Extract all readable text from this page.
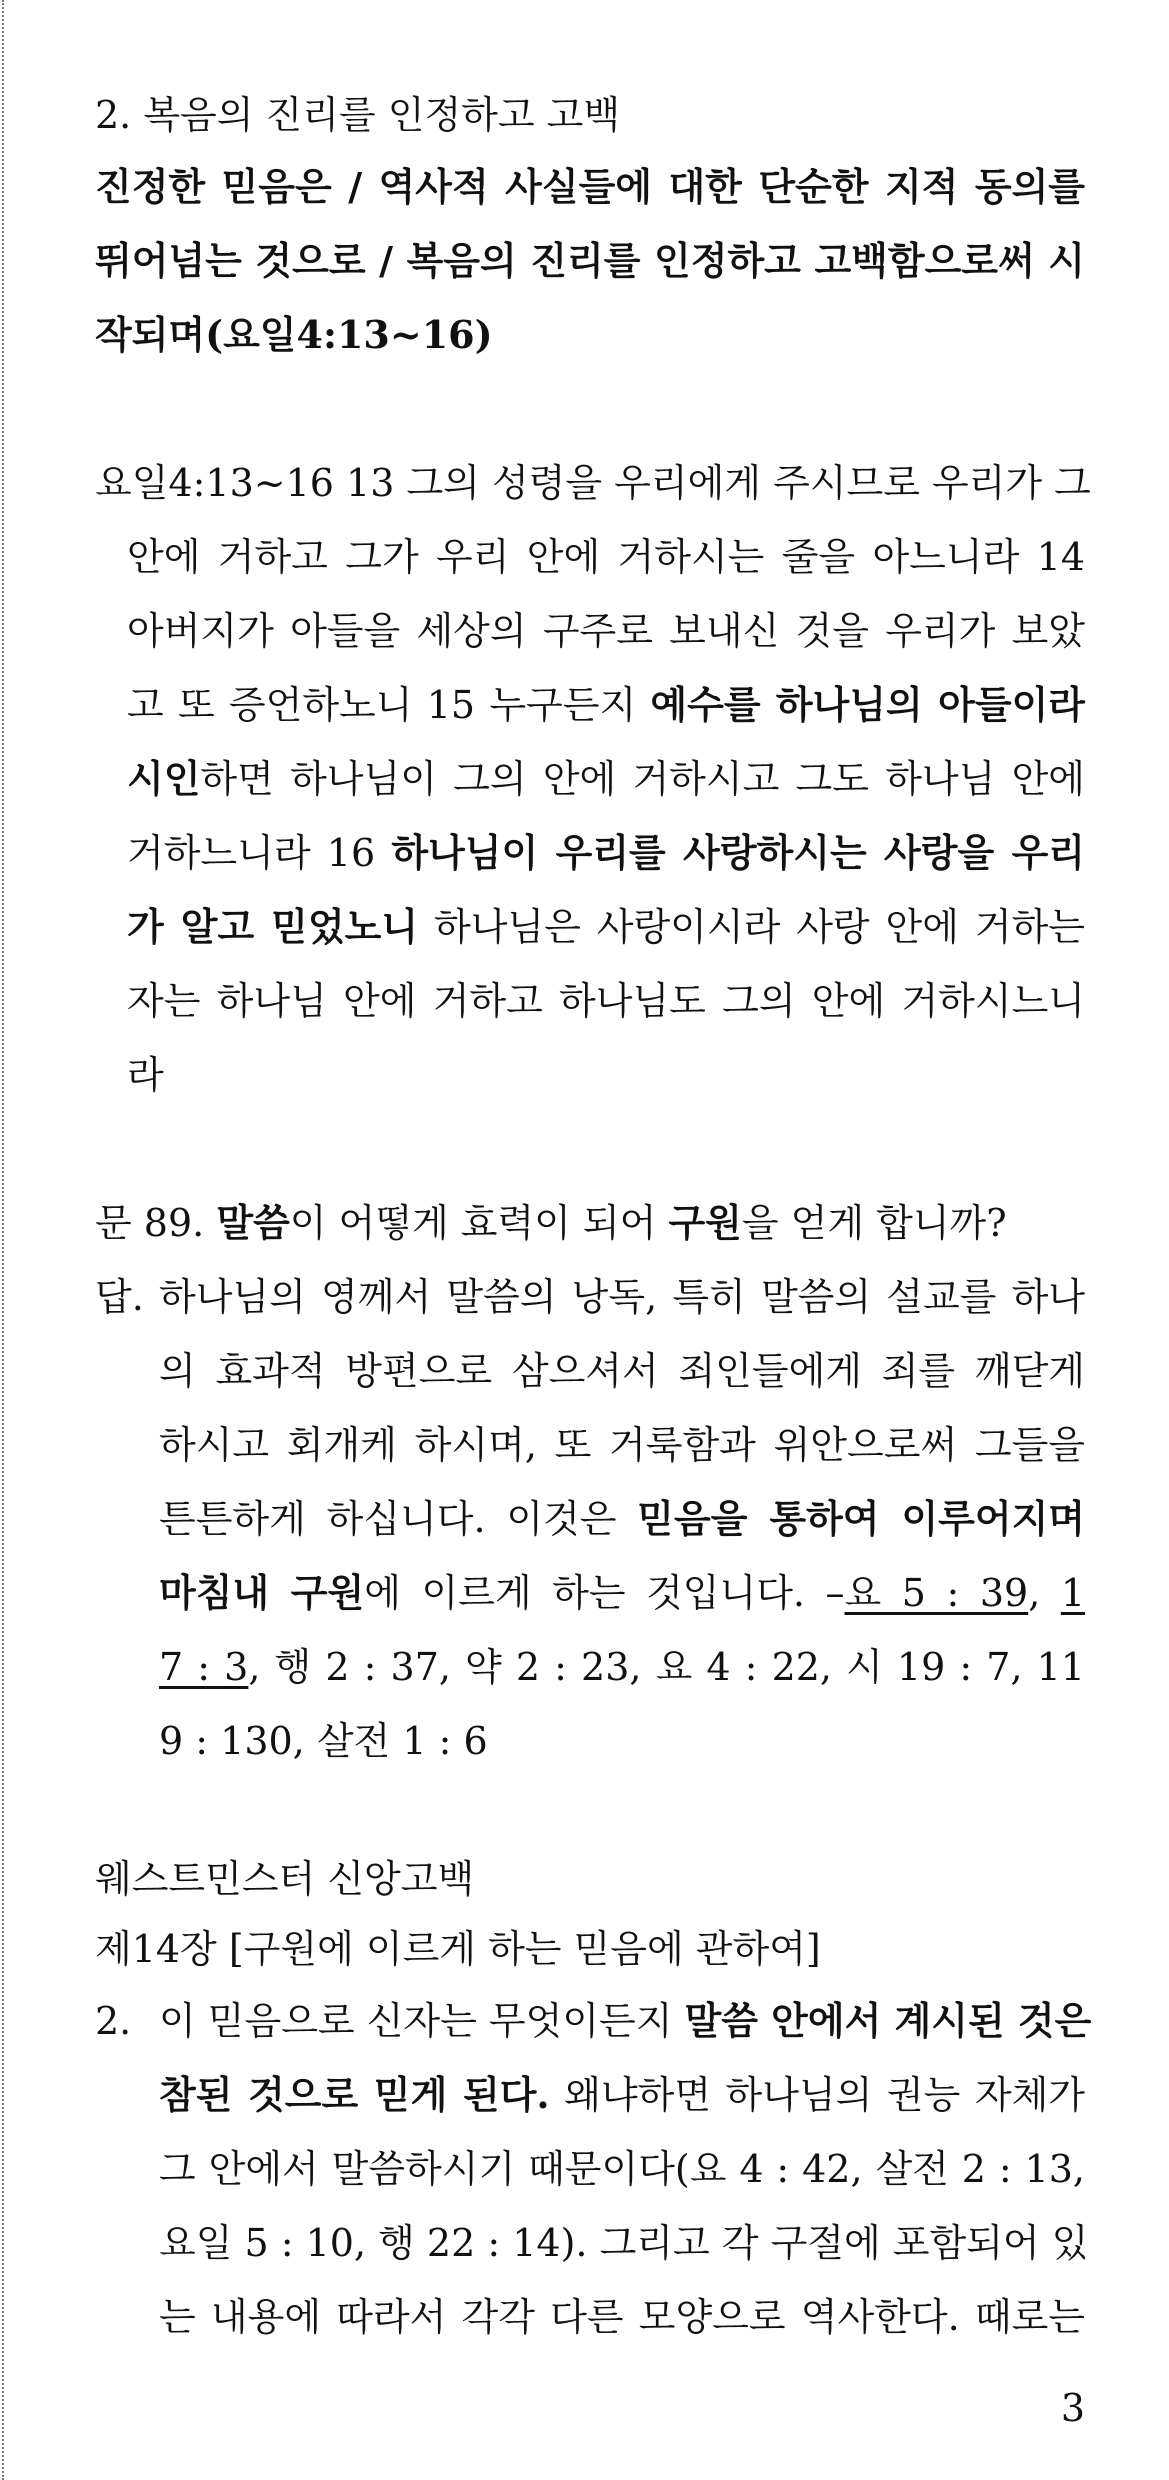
2. 복음의 진리를 인정하고 고백
진정한 믿음은 / 역사적 사실들에 대한 단순한 지적 동의를
뛰어넘는 것으로 / 복음의 진리를 인정하고 고백함으로써 시
작되며(요일4:13~16)
요일4:13~16 13 그의 성령을 우리에게 주시므로 우리가 그
안에 거하고 그가 우리 안에 거하시는 줄을 아느니라 14
아버지가 아들을 세상의 구주로 보내신 것을 우리가 보았
고 또 증언하노니 15 누구든지 예수를 하나님의 아들이라
시인하면 하나님이 그의 안에 거하시고 그도 하나님 안에
거하느니라 16 하나님이 우리를 사랑하시는 사랑을 우리
가 알고 믿었노니 하나님은 사랑이시라 사랑 안에 거하는
자는 하나님 안에 거하고 하나님도 그의 안에 거하시느니
라
문 89. 말씀이 어떻게 효력이 되어 구원을 얻게 합니까?
답. 하나님의 영께서 말씀의 낭독, 특히 말씀의 설교를 하나
의 효과적 방편으로 삼으셔서 죄인들에게 죄를 깨닫게
하시고 회개케 하시며, 또 거룩함과 위안으로써 그들을
튼튼하게 하십니다. 이것은 믿음을 통하여 이루어지며
마침내 구원에 이르게 하는 것입니다. –요 5 : 39, 1
7 : 3, 행 2 : 37, 약 2 : 23, 요 4 : 22, 시 19 : 7, 11
9 : 130, 살전 1 : 6
웨스트민스터 신앙고백
제14장 [구원에 이르게 하는 믿음에 관하여]
2. 이 믿음으로 신자는 무엇이든지 말씀 안에서 계시된 것은
참된 것으로 믿게 된다. 왜냐하면 하나님의 권능 자체가
그 안에서 말씀하시기 때문이다(요 4 : 42, 살전 2 : 13,
요일 5 : 10, 행 22 : 14). 그리고 각 구절에 포함되어 있
는 내용에 따라서 각각 다른 모양으로 역사한다. 때로는
3
